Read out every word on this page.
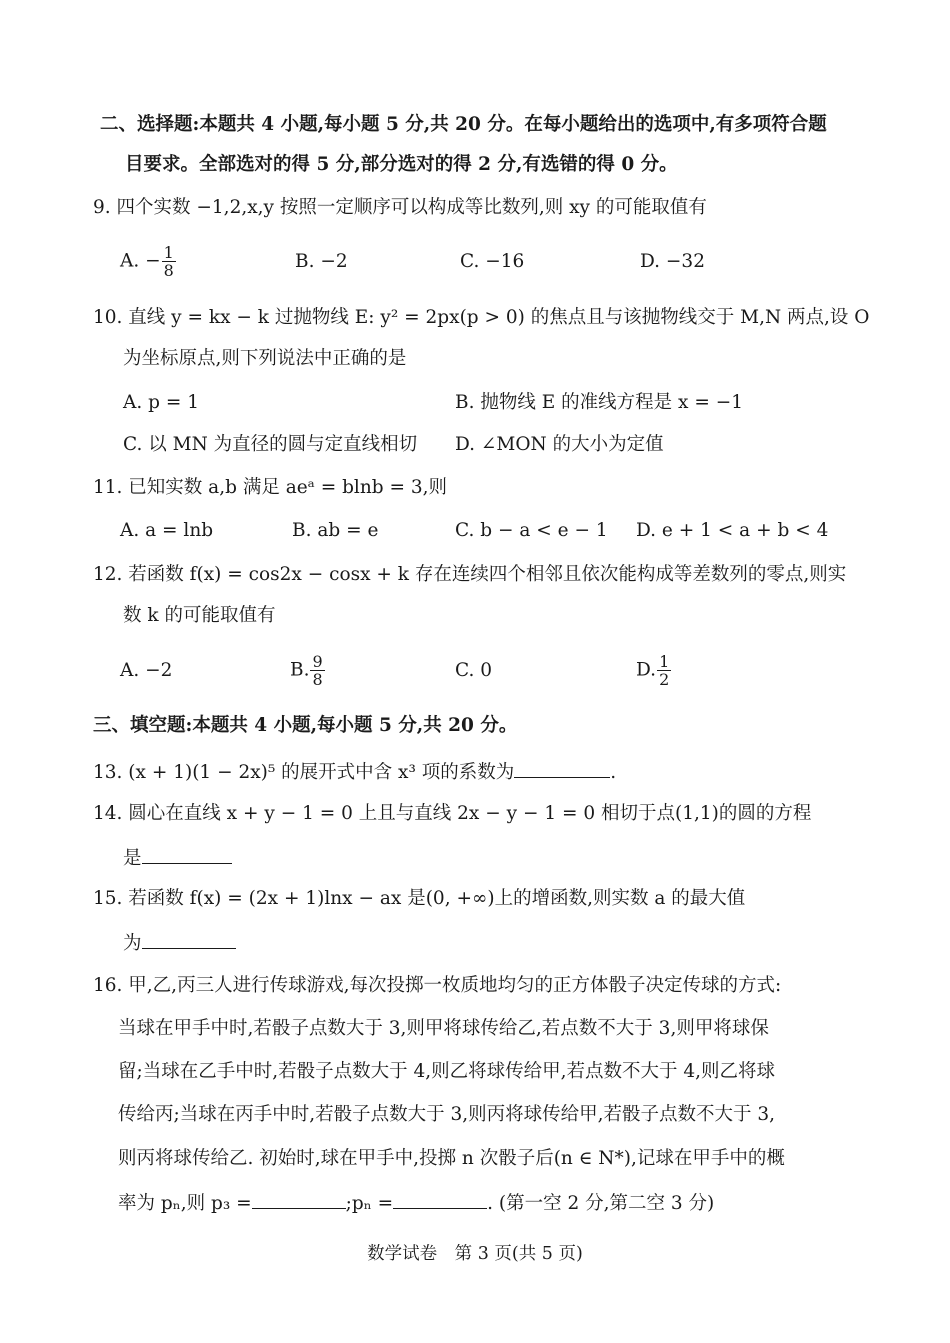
二、选择题:本题共 4 小题,每小题 5 分,共 20 分。在每小题给出的选项中,有多项符合题
目要求。全部选对的得 5 分,部分选对的得 2 分,有选错的得 0 分。
9. 四个实数 −1,2,x,y 按照一定顺序可以构成等比数列,则 xy 的可能取值有
A. − $\frac{1}{8}$	B. −2	C. −16	D. −32
10. 直线 y = kx − k 过抛物线 E: y² = 2px(p > 0) 的焦点且与该抛物线交于 M,N 两点,设 O
为坐标原点,则下列说法中正确的是
A. p = 1	B. 抛物线 E 的准线方程是 x = −1
C. 以 MN 为直径的圆与定直线相切 D. ∠MON 的大小为定值
11. 已知实数 a,b 满足 aeᵃ = blnb = 3,则
A. a = lnb	B. ab = e	C. b − a < e − 1 D. e + 1 < a + b < 4
12. 若函数 f(x) = cos2x − cosx + k 存在连续四个相邻且依次能构成等差数列的零点,则实
数 k 的可能取值有
A. −2	B. $\frac{9}{8}$	C. 0	D. $\frac{1}{2}$
三、填空题:本题共 4 小题,每小题 5 分,共 20 分。
13. (x + 1)(1 − 2x)⁵ 的展开式中含 x³ 项的系数为	.
14. 圆心在直线 x + y − 1 = 0 上且与直线 2x − y − 1 = 0 相切于点(1,1)的圆的方程
是
15. 若函数 f(x) = (2x + 1)lnx − ax 是(0, +∞)上的增函数,则实数 a 的最大值
为
16. 甲,乙,丙三人进行传球游戏,每次投掷一枚质地均匀的正方体骰子决定传球的方式:
当球在甲手中时,若骰子点数大于 3,则甲将球传给乙,若点数不大于 3,则甲将球保
留;当球在乙手中时,若骰子点数大于 4,则乙将球传给甲,若点数不大于 4,则乙将球
传给丙;当球在丙手中时,若骰子点数大于 3,则丙将球传给甲,若骰子点数不大于 3,
则丙将球传给乙. 初始时,球在甲手中,投掷 n 次骰子后(n ∈ N*),记球在甲手中的概
率为 pₙ,则 p₃ =	;pₙ =	. (第一空 2 分,第二空 3 分)
数学试卷　第 3 页(共 5 页)
